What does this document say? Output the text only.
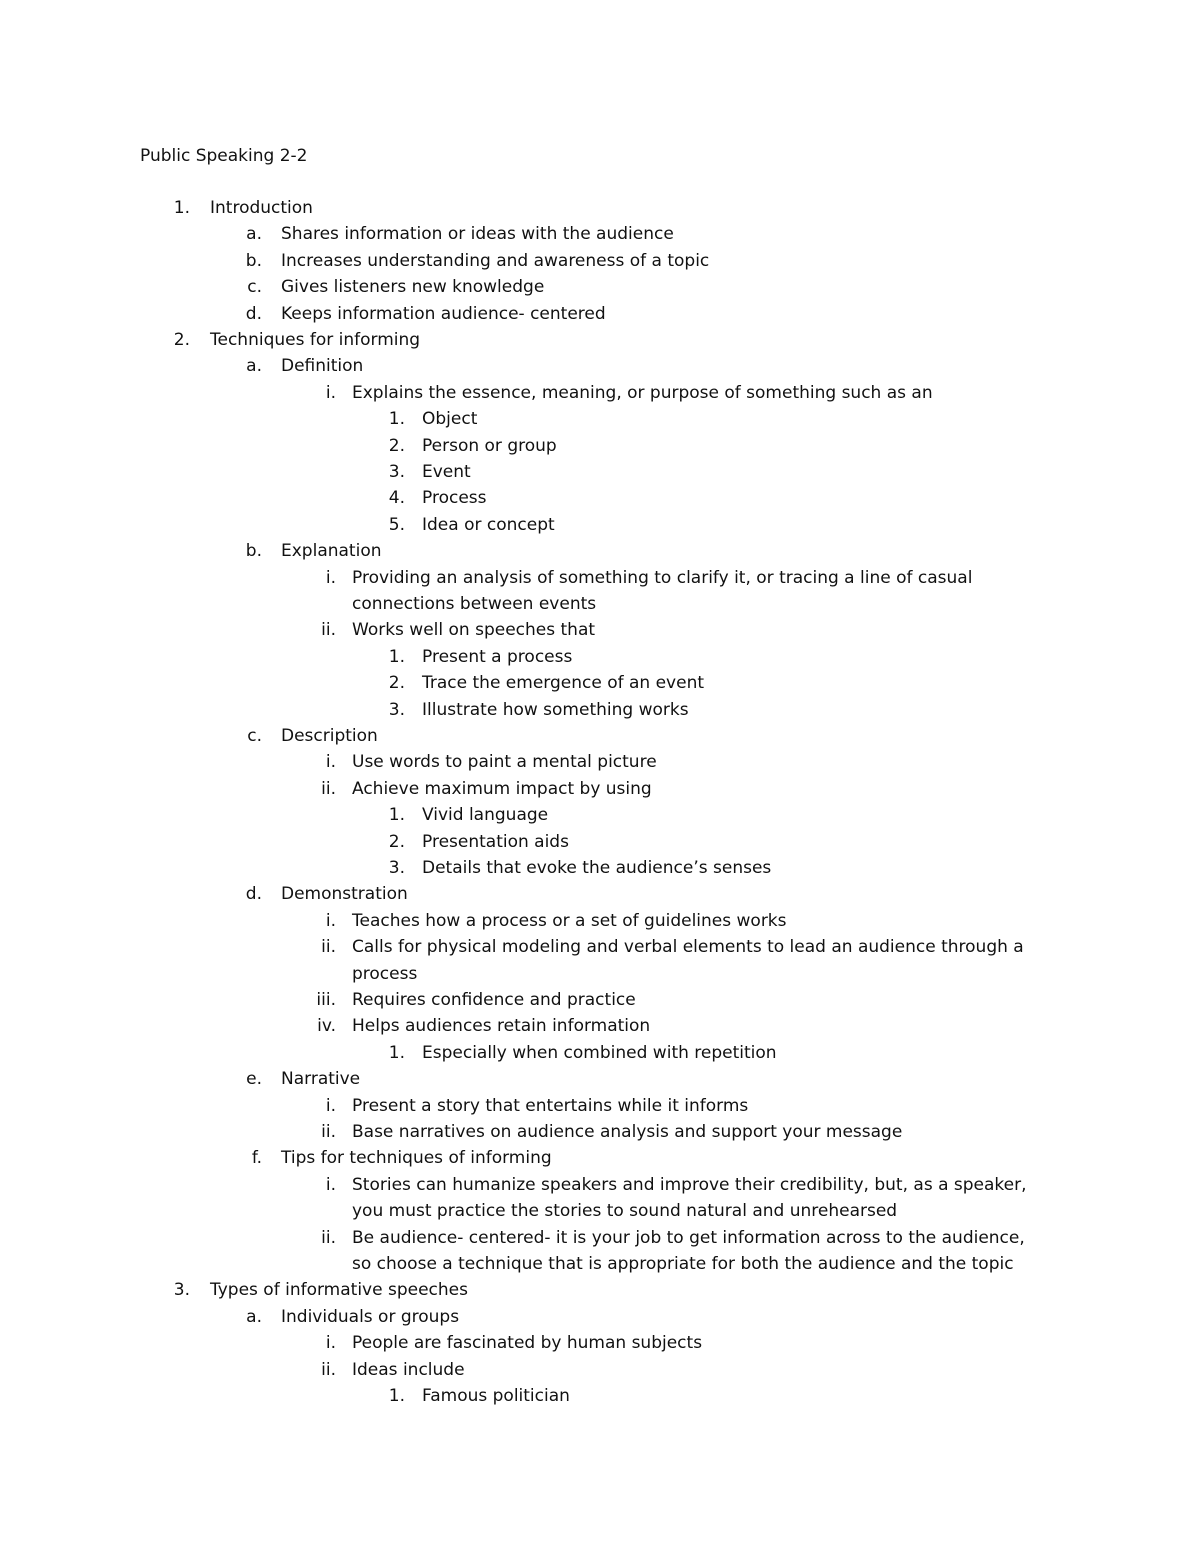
Public Speaking 2-2
1. Introduction
a. Shares information or ideas with the audience
b. Increases understanding and awareness of a topic
c. Gives listeners new knowledge
d. Keeps information audience- centered
2. Techniques for informing
a. Definition
i. Explains the essence, meaning, or purpose of something such as an
1. Object
2. Person or group
3. Event
4. Process
5. Idea or concept
b. Explanation
i. Providing an analysis of something to clarify it, or tracing a line of casual
connections between events
ii. Works well on speeches that
1. Present a process
2. Trace the emergence of an event
3. Illustrate how something works
c. Description
i. Use words to paint a mental picture
ii. Achieve maximum impact by using
1. Vivid language
2. Presentation aids
3. Details that evoke the audience’s senses
d. Demonstration
i. Teaches how a process or a set of guidelines works
ii. Calls for physical modeling and verbal elements to lead an audience through a
process
iii. Requires confidence and practice
iv. Helps audiences retain information
1. Especially when combined with repetition
e. Narrative
i. Present a story that entertains while it informs
ii. Base narratives on audience analysis and support your message
f. Tips for techniques of informing
i. Stories can humanize speakers and improve their credibility, but, as a speaker,
you must practice the stories to sound natural and unrehearsed
ii. Be audience- centered- it is your job to get information across to the audience,
so choose a technique that is appropriate for both the audience and the topic
3. Types of informative speeches
a. Individuals or groups
i. People are fascinated by human subjects
ii. Ideas include
1. Famous politician
